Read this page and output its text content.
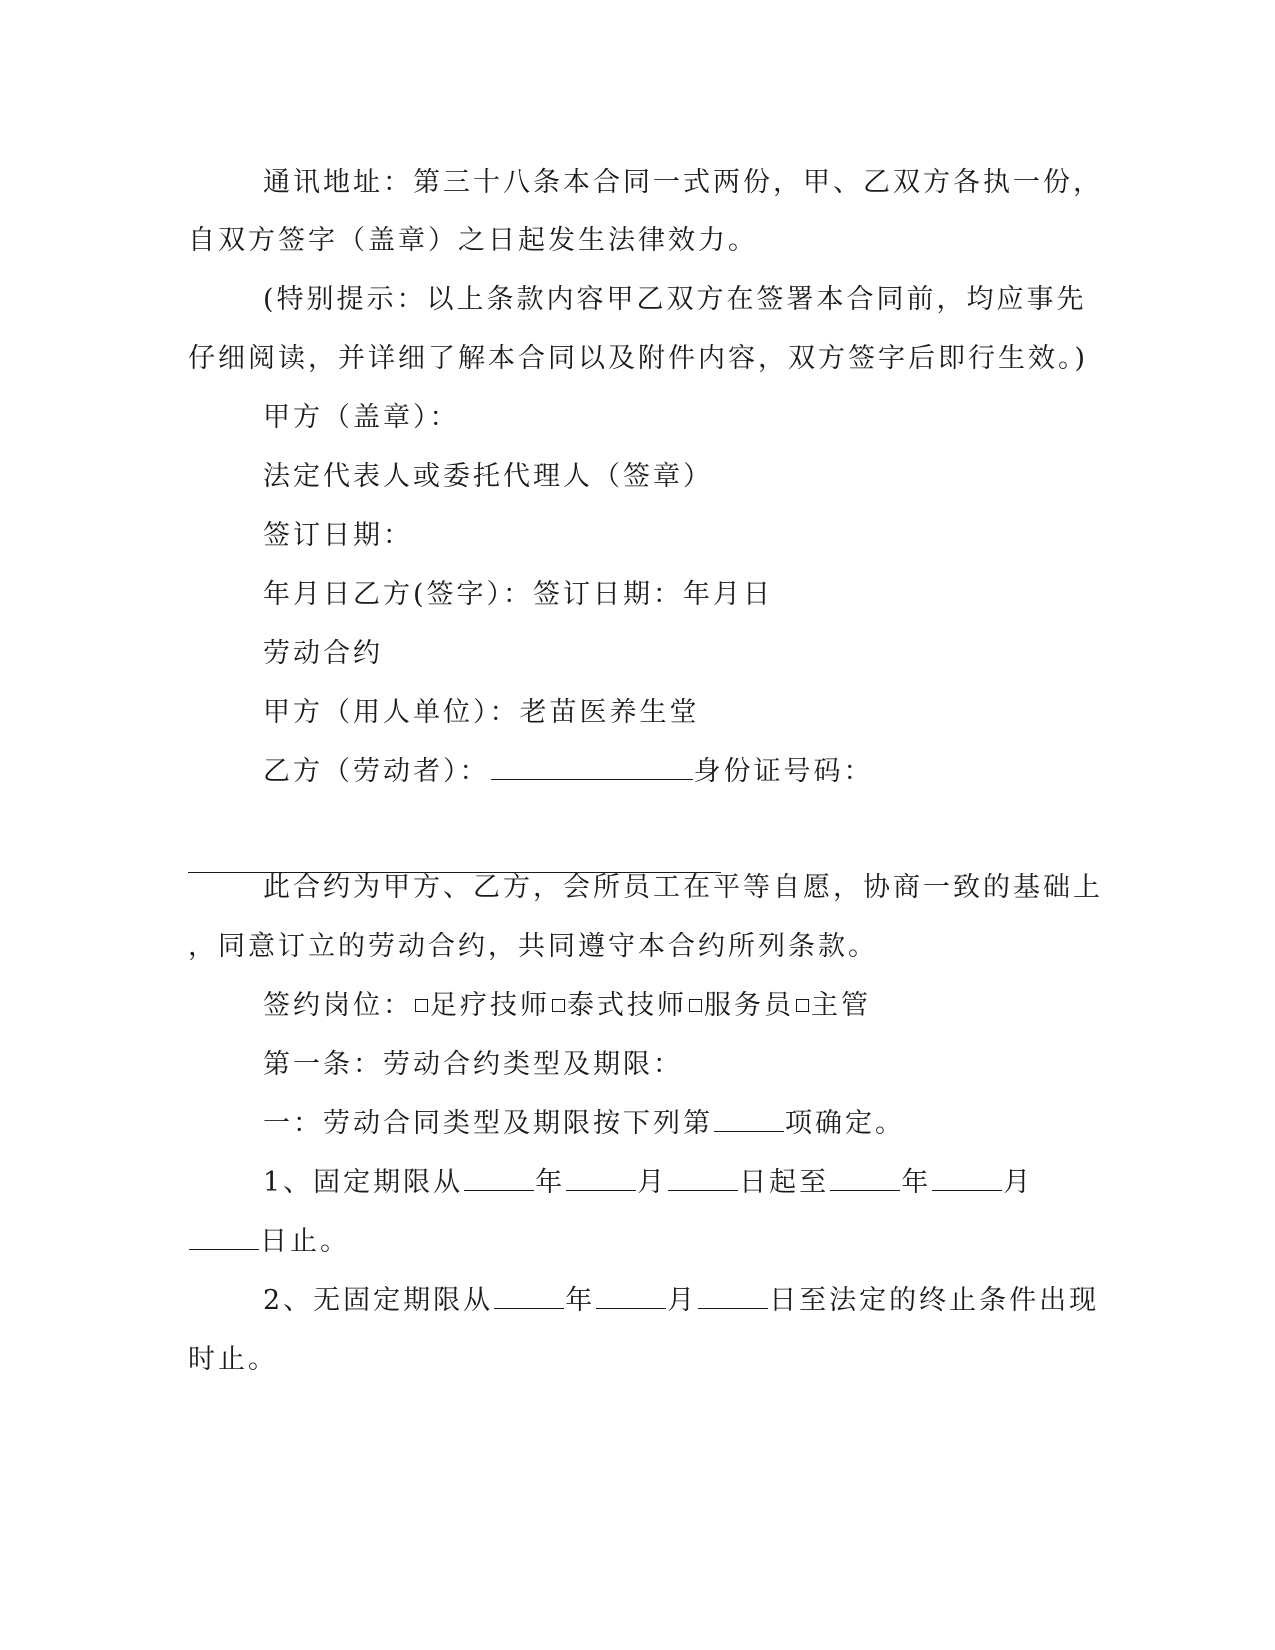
通讯地址：第三十八条本合同一式两份，甲、乙双方各执一份，
自双方签字（盖章）之日起发生法律效力。
(特别提示：以上条款内容甲乙双方在签署本合同前，均应事先
仔细阅读，并详细了解本合同以及附件内容，双方签字后即行生效。)
甲方（盖章）：
法定代表人或委托代理人（签章）
签订日期：
年月日乙方(签字）：签订日期：年月日
劳动合约
甲方（用人单位）：老苗医养生堂
乙方（劳动者）：	身份证号码：
此合约为甲方、乙方，会所员工在平等自愿，协商一致的基础上
，同意订立的劳动合约，共同遵守本合约所列条款。
签约岗位： 足疗技师 泰式技师 服务员 主管
第一条：劳动合约类型及期限：
一：劳动合同类型及期限按下列第	项确定。
1、固定期限从	年	月	日起至	年	月
日止。
2、无固定期限从	年	月	日至法定的终止条件出现
时止。
